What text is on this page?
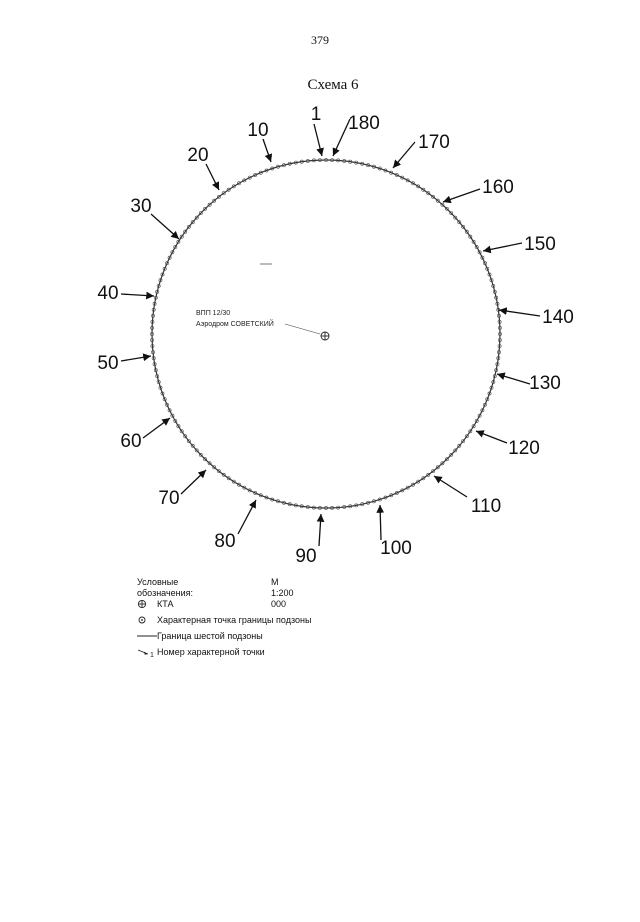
379
Схема 6
1
10
20
30
40
50
60
70
80
90	100
110
120
130
140
150
160
170
180
ВПП 12/30
Аэродром СОВЕТСКИЙ
Условные обозначения:
М 1:200 000
КТА
Характерная точка границы подзоны
Граница шестой подзоны
1 Номер характерной точки
